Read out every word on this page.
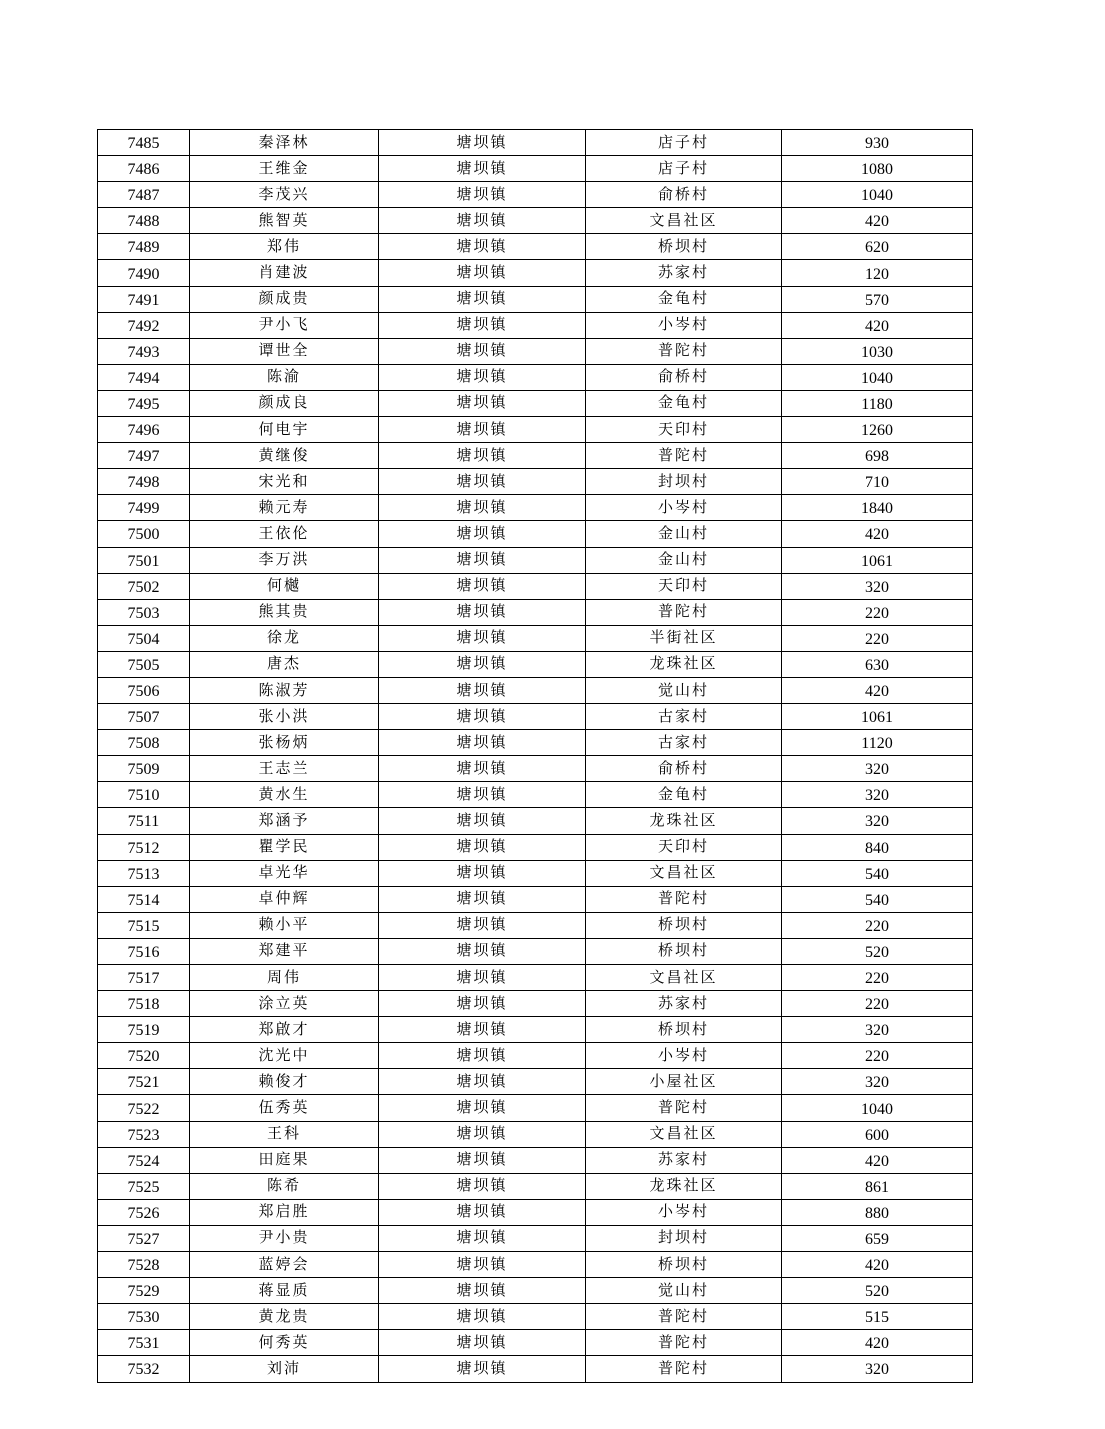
7485	秦泽林	塘坝镇	店子村	930
7486	王维金	塘坝镇	店子村	1080
7487	李茂兴	塘坝镇	俞桥村	1040
7488	熊智英	塘坝镇	文昌社区	420
7489	郑伟	塘坝镇	桥坝村	620
7490	肖建波	塘坝镇	苏家村	120
7491	颜成贵	塘坝镇	金龟村	570
7492	尹小飞	塘坝镇	小岑村	420
7493	谭世全	塘坝镇	普陀村	1030
7494	陈渝	塘坝镇	俞桥村	1040
7495	颜成良	塘坝镇	金龟村	1180
7496	何电宇	塘坝镇	天印村	1260
7497	黄继俊	塘坝镇	普陀村	698
7498	宋光和	塘坝镇	封坝村	710
7499	赖元寿	塘坝镇	小岑村	1840
7500	王依伦	塘坝镇	金山村	420
7501	李万洪	塘坝镇	金山村	1061
7502	何樾	塘坝镇	天印村	320
7503	熊其贵	塘坝镇	普陀村	220
7504	徐龙	塘坝镇	半街社区	220
7505	唐杰	塘坝镇	龙珠社区	630
7506	陈淑芳	塘坝镇	觉山村	420
7507	张小洪	塘坝镇	古家村	1061
7508	张杨炳	塘坝镇	古家村	1120
7509	王志兰	塘坝镇	俞桥村	320
7510	黄水生	塘坝镇	金龟村	320
7511	郑涵予	塘坝镇	龙珠社区	320
7512	瞿学民	塘坝镇	天印村	840
7513	卓光华	塘坝镇	文昌社区	540
7514	卓仲辉	塘坝镇	普陀村	540
7515	赖小平	塘坝镇	桥坝村	220
7516	郑建平	塘坝镇	桥坝村	520
7517	周伟	塘坝镇	文昌社区	220
7518	涂立英	塘坝镇	苏家村	220
7519	郑啟才	塘坝镇	桥坝村	320
7520	沈光中	塘坝镇	小岑村	220
7521	赖俊才	塘坝镇	小屋社区	320
7522	伍秀英	塘坝镇	普陀村	1040
7523	王科	塘坝镇	文昌社区	600
7524	田庭果	塘坝镇	苏家村	420
7525	陈希	塘坝镇	龙珠社区	861
7526	郑启胜	塘坝镇	小岑村	880
7527	尹小贵	塘坝镇	封坝村	659
7528	蓝婷会	塘坝镇	桥坝村	420
7529	蒋显质	塘坝镇	觉山村	520
7530	黄龙贵	塘坝镇	普陀村	515
7531	何秀英	塘坝镇	普陀村	420
7532	刘沛	塘坝镇	普陀村	320
